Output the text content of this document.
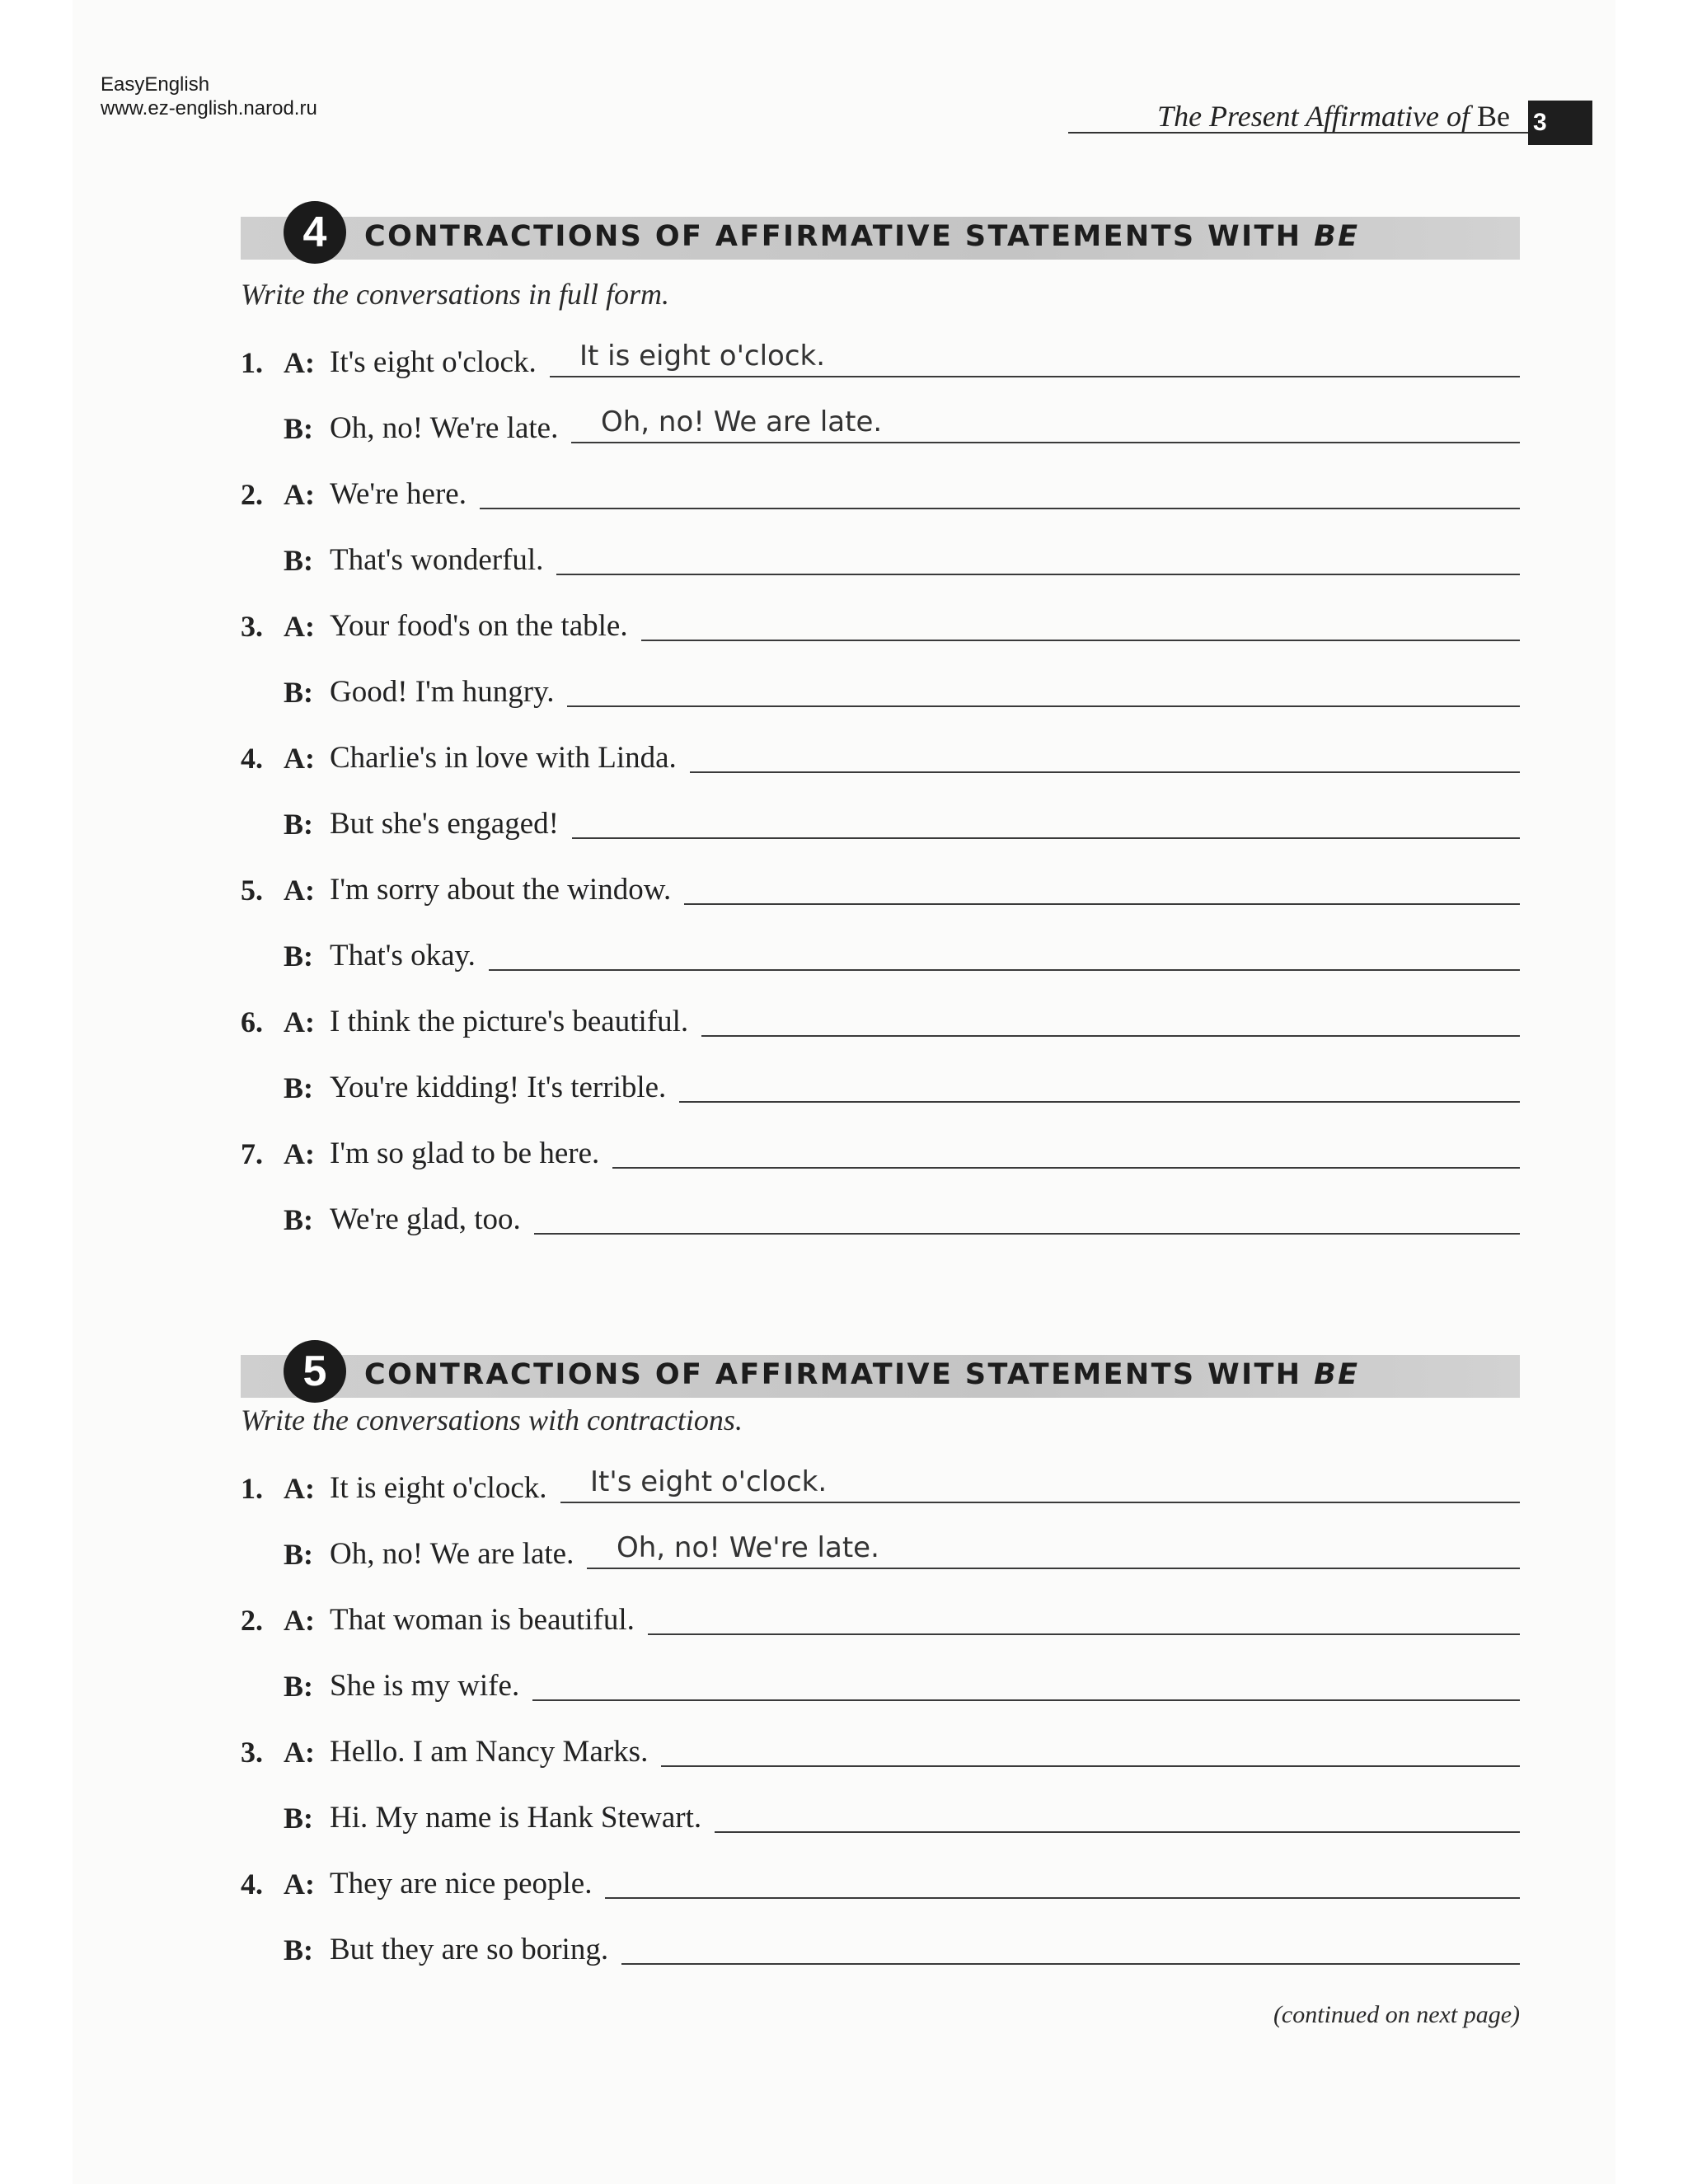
EasyEnglish
www.ez-english.narod.ru	The Present Affirmative of Be 3
4	CONTRACTIONS OF AFFIRMATIVE STATEMENTS WITH BE
Write the conversations in full form.
1. A: It's eight o'clock. It is eight o'clock.
B: Oh, no! We're late. Oh, no! We are late.
2. A: We're here.
B: That's wonderful.
3. A: Your food's on the table.
B: Good! I'm hungry.
4. A: Charlie's in love with Linda.
B: But she's engaged!
5. A: I'm sorry about the window.
B: That's okay.
6. A: I think the picture's beautiful.
B: You're kidding! It's terrible.
7. A: I'm so glad to be here.
B: We're glad, too.
5	CONTRACTIONS OF AFFIRMATIVE STATEMENTS WITH BE
Write the conversations with contractions.
1. A: It is eight o'clock. It's eight o'clock.
B: Oh, no! We are late. Oh, no! We're late.
2. A: That woman is beautiful.
B: She is my wife.
3. A: Hello. I am Nancy Marks.
B: Hi. My name is Hank Stewart.
4. A: They are nice people.
B: But they are so boring.
(continued on next page)
